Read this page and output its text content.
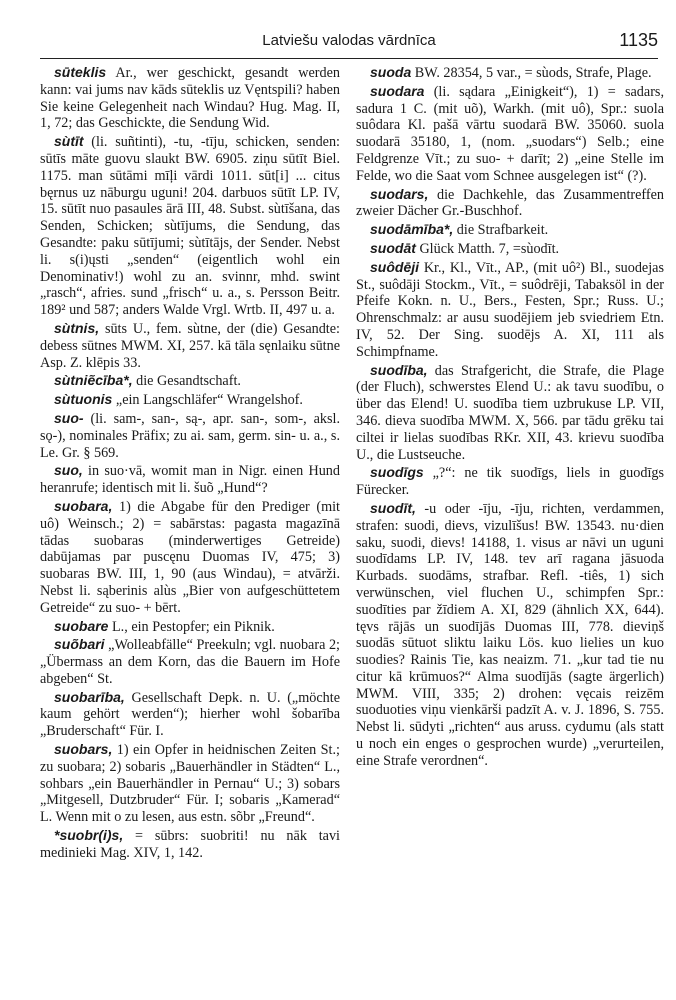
Latviešu valodas vārdnīca	1135

sūteklis Ar., wer geschickt, gesandt werden kann: vai jums nav kāds sūteklis uz Vęntspili? haben Sie keine Gelegenheit nach Windau? Hug. Mag. II, 1, 72; das Geschickte, die Sendung Wid.

sùtīt (li. suñtinti), -tu, -tīju, schicken, senden: sūtīs māte guovu slaukt BW. 6905. ziņu sūtīt Biel. 1175. man sūtāmi mīļi vārdi 1011. sūt[i] ... citus bęrnus uz nāburgu uguni! 204. darbuos sūtīt LP. IV, 15. sūtīt nuo pasaules ārā III, 48. Subst. sùtīšana, das Senden, Schicken; sùtījums, die Sendung, das Gesandte: paku sūtījumi; sùtītājs, der Sender. Nebst li. s(i)ųsti „senden“ (eigentlich wohl ein Denominativ!) wohl zu an. svinnr, mhd. swint „rasch“, afries. sund „frisch“ u. a., s. Persson Beitr. 189² und 587; anders Walde Vrgl. Wrtb. II, 497 u. a.

sùtnis, sūts U., fem. sùtne, der (die) Gesandte: debess sūtnes MWM. XI, 257. kā tāla sęnlaiku sūtne Asp. Z. klēpis 33.

sùtniẽcība*, die Gesandtschaft.

sùtuonis „ein Langschläfer“ Wrangelshof.

suo- (li. sam-, san-, są-, apr. san-, som-, aksl. sǫ-), nominales Präfix; zu ai. sam, germ. sin- u. a., s. Le. Gr. § 569.

suo, in suo·vā, womit man in Nigr. einen Hund heranrufe; identisch mit li. šuõ „Hund“?

suobara, 1) die Abgabe für den Prediger (mit uô) Weinsch.; 2) = sabārstas: pagasta magazīnā tādas suobaras (minderwertiges Getreide) dabūjamas par puscęnu Duomas IV, 475; 3) suobaras BW. III, 1, 90 (aus Windau), = atvārži. Nebst li. sąberinis alùs „Bier von aufgeschüttetem Getreide“ zu suo- + bērt.

suobare L., ein Pestopfer; ein Piknik.

suõbari „Wolleabfälle“ Preekuln; vgl. nuobara 2; „Übermass an dem Korn, das die Bauern im Hofe abgeben“ St.

suobarība, Gesellschaft Depk. n. U. („möchte kaum gehört werden“); hierher wohl šobarība „Bruderschaft“ Für. I.

suobars, 1) ein Opfer in heidnischen Zeiten St.; zu suobara; 2) sobaris „Bauerhändler in Städten“ L., sohbars „ein Bauerhändler in Pernau“ U.; 3) sobars „Mitgesell, Dutzbruder“ Für. I; sobaris „Kamerad“ L. Wenn mit o zu lesen, aus estn. sõbr „Freund“.

*suobr(i)s, = sūbrs: suobriti! nu nāk tavi medinieki Mag. XIV, 1, 142.

suoda BW. 28354, 5 var., = sùods, Strafe, Plage.

suodara (li. sądara „Einigkeit“), 1) = sadars, sadura 1 C. (mit uõ), Warkh. (mit uô), Spr.: suola suôdara Kl. pašā vārtu suodarā BW. 35060. suola suodarā 35180, 1, (nom. „suodars“) Selb.; eine Feldgrenze Vīt.; zu suo- + darīt; 2) „eine Stelle im Felde, wo die Saat vom Schnee ausgelegen ist“ (?).

suodars, die Dachkehle, das Zusammentreffen zweier Dächer Gr.-Buschhof.

suodāmība*, die Strafbarkeit.

suodāt Glück Matth. 7, =sùodīt.

suôdēji Kr., Kl., Vīt., AP., (mit uô²) Bl., suodejas St., suôdāji Stockm., Vīt., = suôdrēji, Tabaksöl in der Pfeife Kokn. n. U., Bers., Festen, Spr.; Russ. U.; Ohrenschmalz: ar ausu suodējiem jeb sviedriem Etn. IV, 52. Der Sing. suodējs A. XI, 111 als Schimpfname.

suodība, das Strafgericht, die Strafe, die Plage (der Fluch), schwerstes Elend U.: ak tavu suodību, o über das Elend! U. suodība tiem uzbrukuse LP. VII, 346. dieva suodība MWM. X, 566. par tādu grēku tai ciltei ir lielas suodības RKr. XII, 43. krievu suodība U., die Lustseuche.

suodīgs „?“: ne tik suodīgs, liels in guodīgs Fürecker.

suodīt, -u oder -īju, -īju, richten, verdammen, strafen: suodi, dievs, vizulīšus! BW. 13543. nu·dien saku, suodi, dievs! 14188, 1. visus ar nāvi un uguni suodīdams LP. IV, 148. tev arī ragana jāsuoda Kurbads. suodāms, strafbar. Refl. -tiês, 1) sich verwünschen, viel fluchen U., schimpfen Spr.: suodīties par žīdiem A. XI, 829 (ähnlich XX, 644). tęvs rājās un suodījās Duomas III, 778. dieviņš suodās sūtuot sliktu laiku Lös. kuo lielies un kuo suodies? Rainis Tie, kas neaizm. 71. „kur tad tie nu citur kā krūmuos?“ Alma suodījās (sagte ärgerlich) MWM. VIII, 335; 2) drohen: vęcais reizēm suoduoties viņu vienkārši padzīt A. v. J. 1896, S. 755. Nebst li. sūdyti „richten“ aus aruss. cydumu (als statt u noch ein enges o gesprochen wurde) „verurteilen, eine Strafe verordnen“.
